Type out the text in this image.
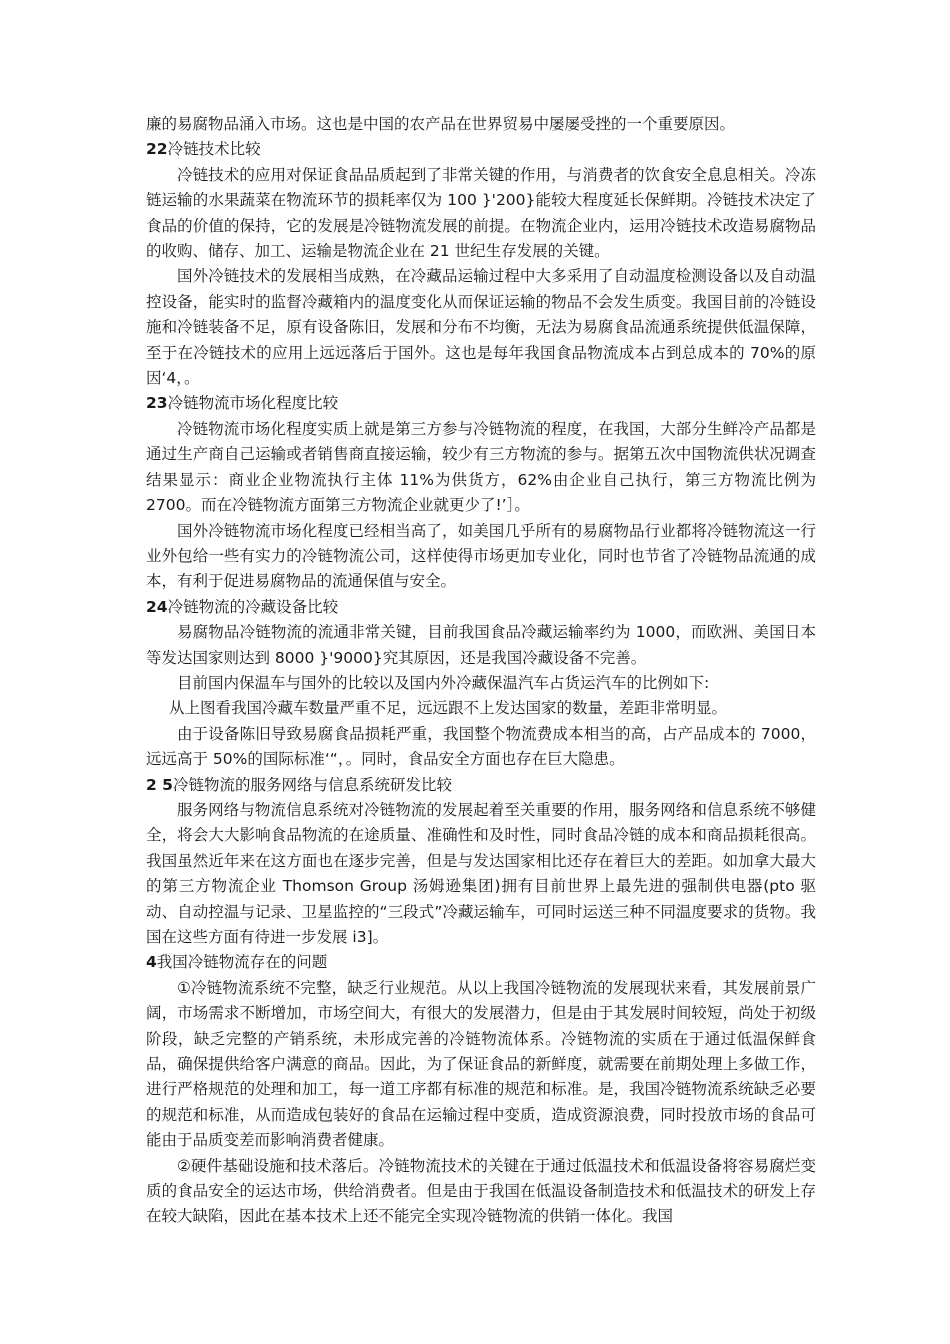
廉的易腐物品涌入市场。这也是中国的农产品在世界贸易中屡屡受挫的一个重要原因。

22冷链技术比较

冷链技术的应用对保证食品品质起到了非常关键的作用，与消费者的饮食安全息息相关。冷冻链运输的水果蔬菜在物流环节的损耗率仅为 100 }'200}能较大程度延长保鲜期。冷链技术决定了食品的价值的保持，它的发展是冷链物流发展的前提。在物流企业内，运用冷链技术改造易腐物品的收购、储存、加工、运输是物流企业在 21 世纪生存发展的关键。

国外冷链技术的发展相当成熟，在冷藏品运输过程中大多采用了自动温度检测设备以及自动温控设备，能实时的监督冷藏箱内的温度变化从而保证运输的物品不会发生质变。我国目前的冷链设施和冷链装备不足，原有设备陈旧，发展和分布不均衡，无法为易腐食品流通系统提供低温保障，至于在冷链技术的应用上远远落后于国外。这也是每年我国食品物流成本占到总成本的 70%的原因‘4，。

23冷链物流市场化程度比较

冷链物流市场化程度实质上就是第三方参与冷链物流的程度，在我国，大部分生鲜冷产品都是通过生产商自己运输或者销售商直接运输，较少有三方物流的参与。据第五次中国物流供状况调查结果显示：商业企业物流执行主体 11%为供货方，62%由企业自己执行，第三方物流比例为 2700。而在冷链物流方面第三方物流企业就更少了!’］。

国外冷链物流市场化程度已经相当高了，如美国几乎所有的易腐物品行业都将冷链物流这一行业外包给一些有实力的冷链物流公司，这样使得市场更加专业化，同时也节省了冷链物品流通的成本，有利于促进易腐物品的流通保值与安全。

24冷链物流的冷藏设备比较

易腐物品冷链物流的流通非常关键，目前我国食品冷藏运输率约为 1000，而欧洲、美国日本等发达国家则达到 8000 }'9000}究其原因，还是我国冷藏设备不完善。

目前国内保温车与国外的比较以及国内外冷藏保温汽车占货运汽车的比例如下:

从上图看我国冷藏车数量严重不足，远远跟不上发达国家的数量，差距非常明显。

由于设备陈旧导致易腐食品损耗严重，我国整个物流费成本相当的高，占产品成本的 7000，远远高于 50%的国际标准‘“，。同时，食品安全方面也存在巨大隐患。

2 5冷链物流的服务网络与信息系统研发比较

服务网络与物流信息系统对冷链物流的发展起着至关重要的作用，服务网络和信息系统不够健全，将会大大影响食品物流的在途质量、准确性和及时性，同时食品冷链的成本和商品损耗很高。我国虽然近年来在这方面也在逐步完善，但是与发达国家相比还存在着巨大的差距。如加拿大最大的第三方物流企业 Thomson Group 汤姆逊集团)拥有目前世界上最先进的强制供电器(pto 驱动、自动控温与记录、卫星监控的“三段式”冷藏运输车，可同时运送三种不同温度要求的货物。我国在这些方面有待进一步发展 i3]。

4我国冷链物流存在的问题

①冷链物流系统不完整，缺乏行业规范。从以上我国冷链物流的发展现状来看，其发展前景广阔，市场需求不断增加，市场空间大，有很大的发展潜力，但是由于其发展时间较短，尚处于初级阶段，缺乏完整的产销系统，未形成完善的冷链物流体系。冷链物流的实质在于通过低温保鲜食品，确保提供给客户满意的商品。因此，为了保证食品的新鲜度，就需要在前期处理上多做工作，进行严格规范的处理和加工，每一道工序都有标准的规范和标准。是，我国冷链物流系统缺乏必要的规范和标准，从而造成包装好的食品在运输过程中变质，造成资源浪费，同时投放市场的食品可能由于品质变差而影响消费者健康。

②硬件基础设施和技术落后。冷链物流技术的关键在于通过低温技术和低温设备将容易腐烂变质的食品安全的运达市场，供给消费者。但是由于我国在低温设备制造技术和低温技术的研发上存在较大缺陷，因此在基本技术上还不能完全实现冷链物流的供销一体化。我国
